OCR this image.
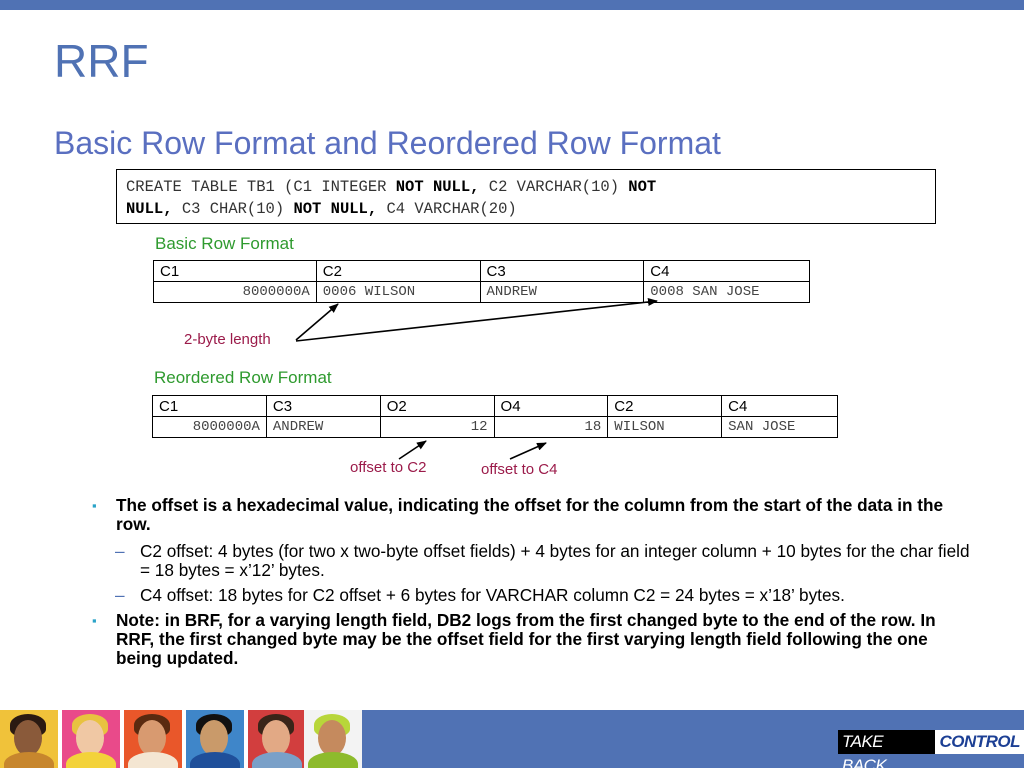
RRF
Basic Row Format and Reordered Row Format
CREATE TABLE TB1 (C1 INTEGER NOT NULL, C2 VARCHAR(10) NOT
NULL, C3 CHAR(10) NOT NULL, C4 VARCHAR(20)
Basic Row Format
C1	C2	C3	C4
8000000A	0006 WILSON	ANDREW	0008 SAN JOSE
2-byte length
Reordered Row Format
C1	C3	O2	O4	C2	C4
8000000A	ANDREW	12	18	WILSON	SAN JOSE
offset to C2	offset to C4
▪ The offset is a hexadecimal value, indicating the offset for the column from the start of the data in the row.
– C2 offset: 4 bytes (for two x two-byte offset fields) + 4 bytes for an integer column + 10 bytes for the char field = 18 bytes = x’12’ bytes.
– C4 offset: 18 bytes for C2 offset + 6 bytes for VARCHAR column C2 = 24 bytes = x’18’ bytes.
▪ Note: in BRF, for a varying length field, DB2 logs from the first changed byte to the end of the row. In RRF, the first changed byte may be the offset field for the first varying length field following the one being updated.
TAKE BACK
CONTROL
